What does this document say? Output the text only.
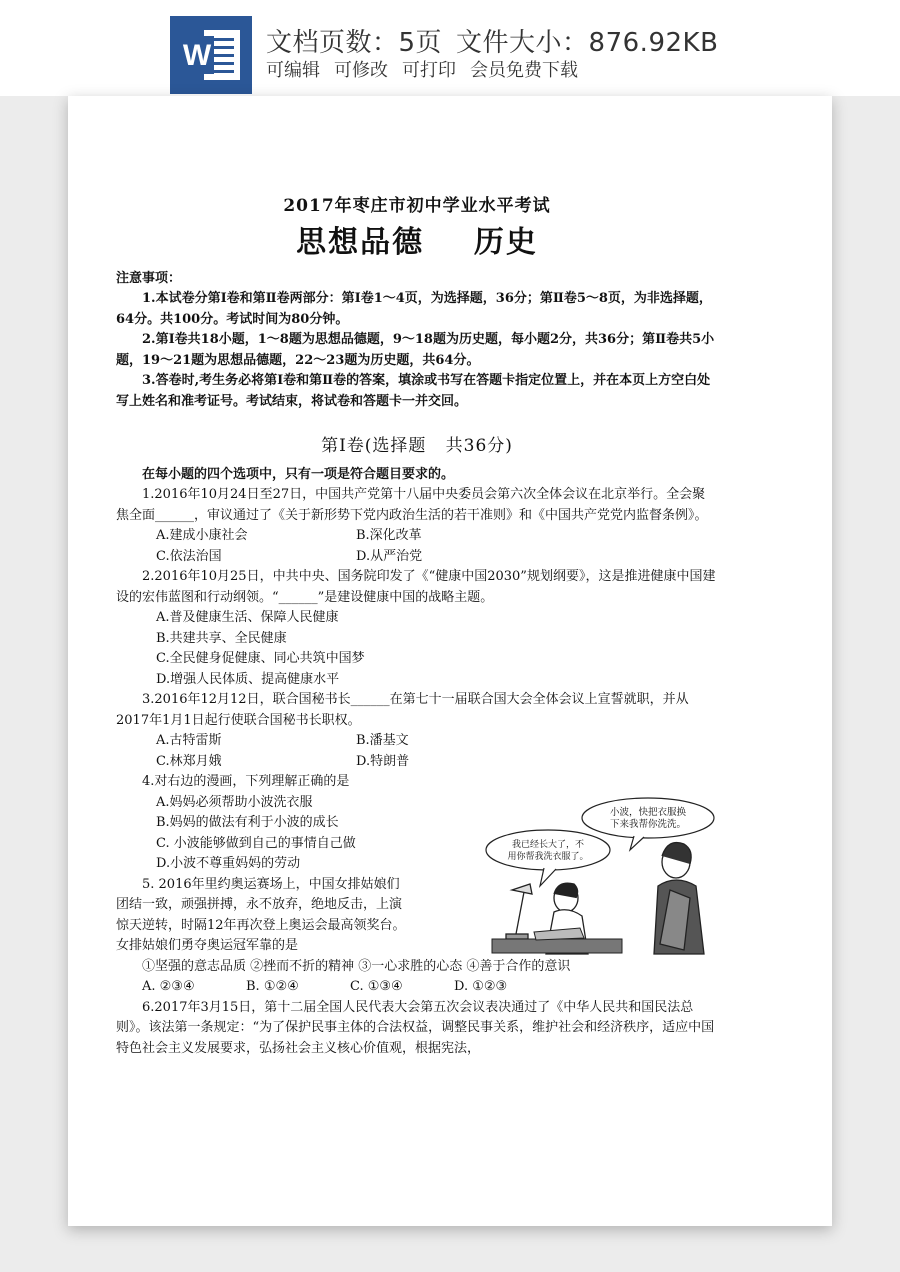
W 文档页数：5页 文件大小：876.92KB
可编辑 可修改 可打印 会员免费下载

2017年枣庄市初中学业水平考试

思想品德    历史

注意事项：

1.本试卷分第Ⅰ卷和第Ⅱ卷两部分：第Ⅰ卷1～4页，为选择题，36分；第Ⅱ卷5～8页，为非选择题，64分。共100分。考试时间为80分钟。

2.第Ⅰ卷共18小题，1～8题为思想品德题，9～18题为历史题，每小题2分，共36分；第Ⅱ卷共5小题，19～21题为思想品德题，22～23题为历史题，共64分。

3.答卷时,考生务必将第Ⅰ卷和第Ⅱ卷的答案，填涂或书写在答题卡指定位置上，并在本页上方空白处写上姓名和准考证号。考试结束，将试卷和答题卡一并交回。

第Ⅰ卷(选择题   共36分)

在每小题的四个选项中，只有一项是符合题目要求的。

1.2016年10月24日至27日，中国共产党第十八届中央委员会第六次全体会议在北京举行。全会聚焦全面______，审议通过了《关于新形势下党内政治生活的若干准则》和《中国共产党党内监督条例》。

A.建成小康社会	B.深化改革
C.依法治国	D.从严治党

2.2016年10月25日，中共中央、国务院印发了《“健康中国2030”规划纲要》，这是推进健康中国建设的宏伟蓝图和行动纲领。“______”是建设健康中国的战略主题。

A.普及健康生活、保障人民健康

B.共建共享、全民健康

C.全民健身促健康、同心共筑中国梦

D.增强人民体质、提高健康水平

3.2016年12月12日，联合国秘书长______在第七十一届联合国大会全体会议上宣誓就职，并从2017年1月1日起行使联合国秘书长职权。

A.古特雷斯	B.潘基文
C.林郑月娥	D.特朗普

4.对右边的漫画，下列理解正确的是

A.妈妈必须帮助小波洗衣服

B.妈妈的做法有利于小波的成长

C. 小波能够做到自己的事情自己做

D.小波不尊重妈妈的劳动

5. 2016年里约奥运赛场上，中国女排姑娘们团结一致，顽强拼搏，永不放弃，绝地反击，上演惊天逆转，时隔12年再次登上奥运会最高领奖台。女排姑娘们勇夺奥运冠军靠的是

①坚强的意志品质 ②挫而不折的精神 ③一心求胜的心态 ④善于合作的意识

A. ②③④	B. ①②④	C. ①③④	D. ①②③

6.2017年3月15日，第十二届全国人民代表大会第五次会议表决通过了《中华人民共和国民法总则》。该法第一条规定：“为了保护民事主体的合法权益，调整民事关系，维护社会和经济秩序，适应中国特色社会主义发展要求，弘扬社会主义核心价值观，根据宪法，

小波，快把衣服换
下来我帮你洗洗。
我已经长大了，不
用你帮我洗衣服了。
